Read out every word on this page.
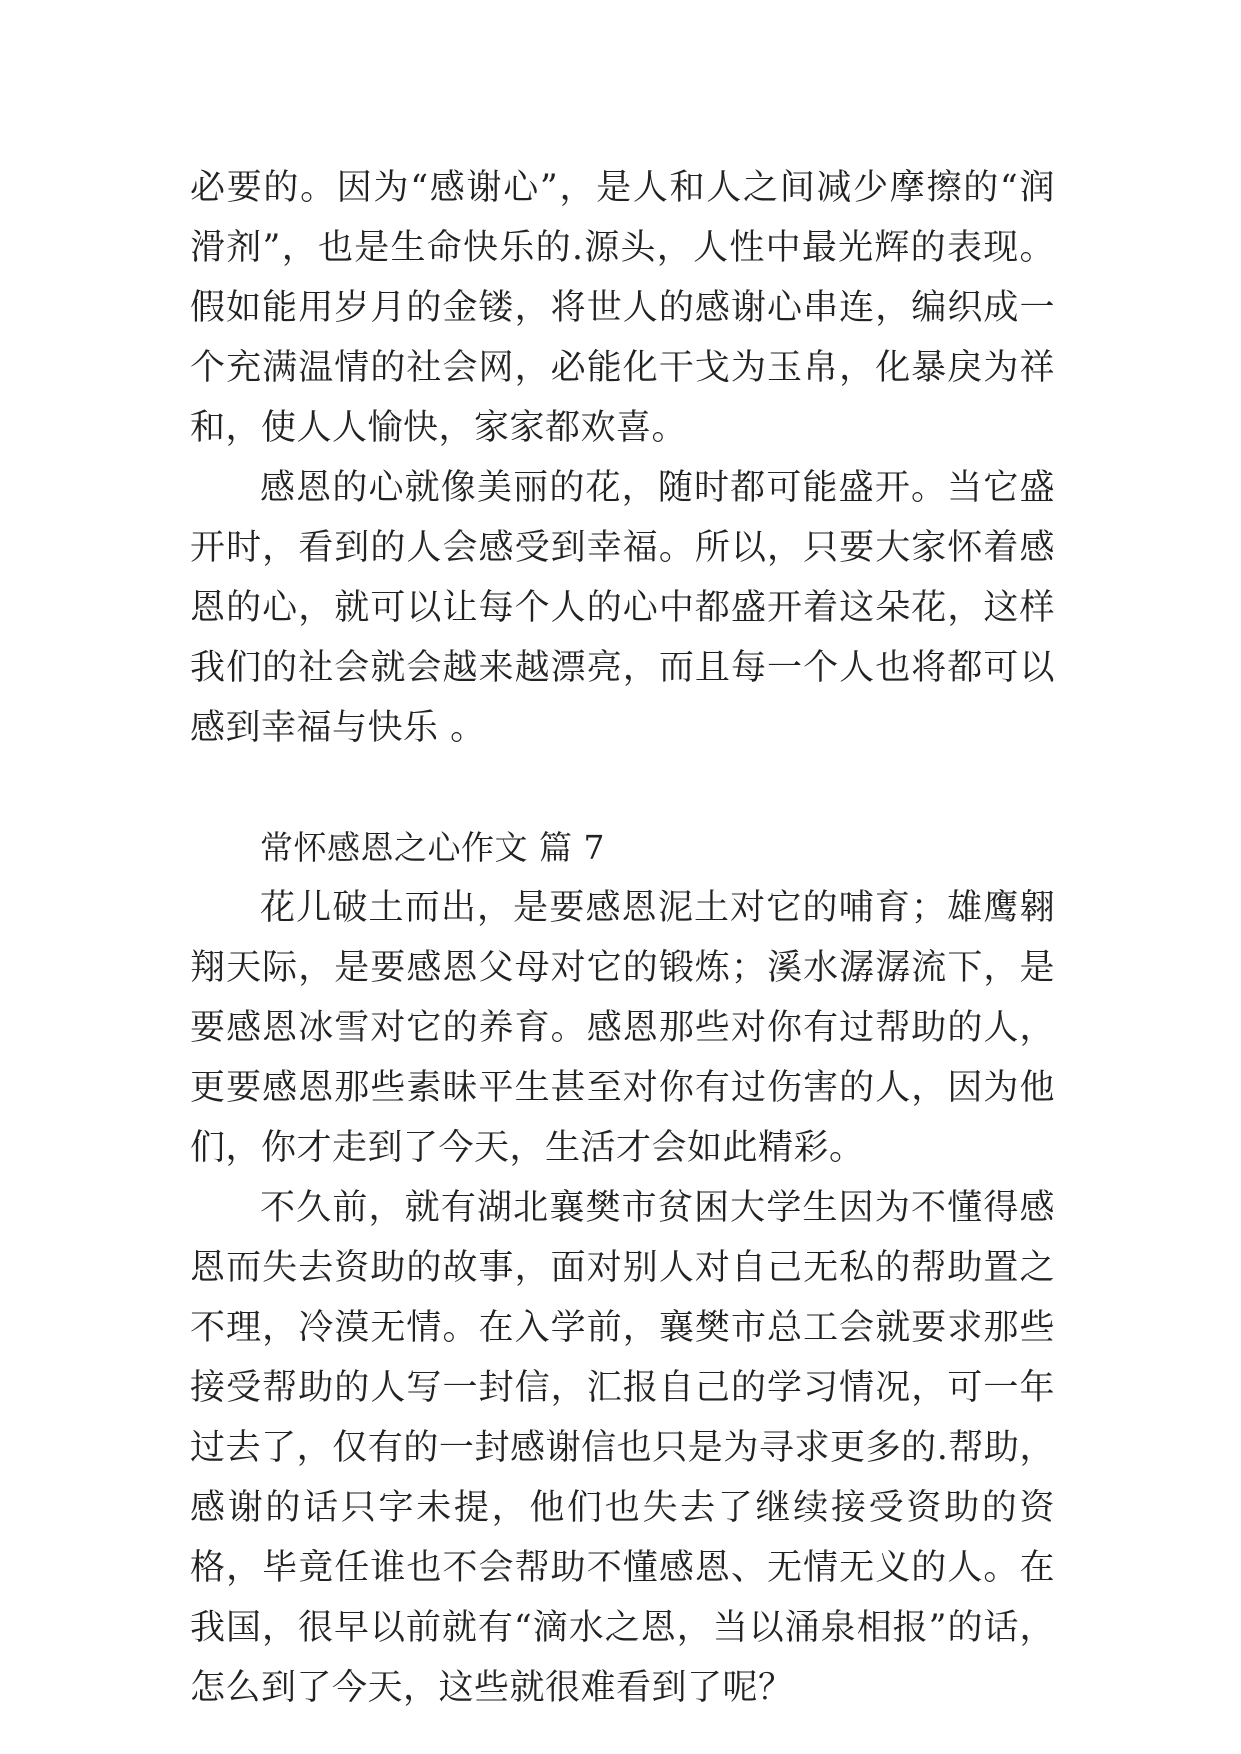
必要的。因为“感谢心”，是人和人之间减少摩擦的“润滑剂”，也是生命快乐的.源头，人性中最光辉的表现。假如能用岁月的金镂，将世人的感谢心串连，编织成一个充满温情的社会网，必能化干戈为玉帛，化暴戾为祥和，使人人愉快，家家都欢喜。

感恩的心就像美丽的花，随时都可能盛开。当它盛开时，看到的人会感受到幸福。所以，只要大家怀着感恩的心，就可以让每个人的心中都盛开着这朵花，这样我们的社会就会越来越漂亮，而且每一个人也将都可以感到幸福与快乐 。

常怀感恩之心作文 篇 7

花儿破土而出，是要感恩泥土对它的哺育；雄鹰翱翔天际，是要感恩父母对它的锻炼；溪水潺潺流下，是要感恩冰雪对它的养育。感恩那些对你有过帮助的人，更要感恩那些素昧平生甚至对你有过伤害的人，因为他们，你才走到了今天，生活才会如此精彩。

不久前，就有湖北襄樊市贫困大学生因为不懂得感恩而失去资助的故事，面对别人对自己无私的帮助置之不理，冷漠无情。在入学前，襄樊市总工会就要求那些接受帮助的人写一封信，汇报自己的学习情况，可一年过去了，仅有的一封感谢信也只是为寻求更多的.帮助，感谢的话只字未提，他们也失去了继续接受资助的资格，毕竟任谁也不会帮助不懂感恩、无情无义的人。在我国，很早以前就有“滴水之恩，当以涌泉相报”的话，怎么到了今天，这些就很难看到了呢？
